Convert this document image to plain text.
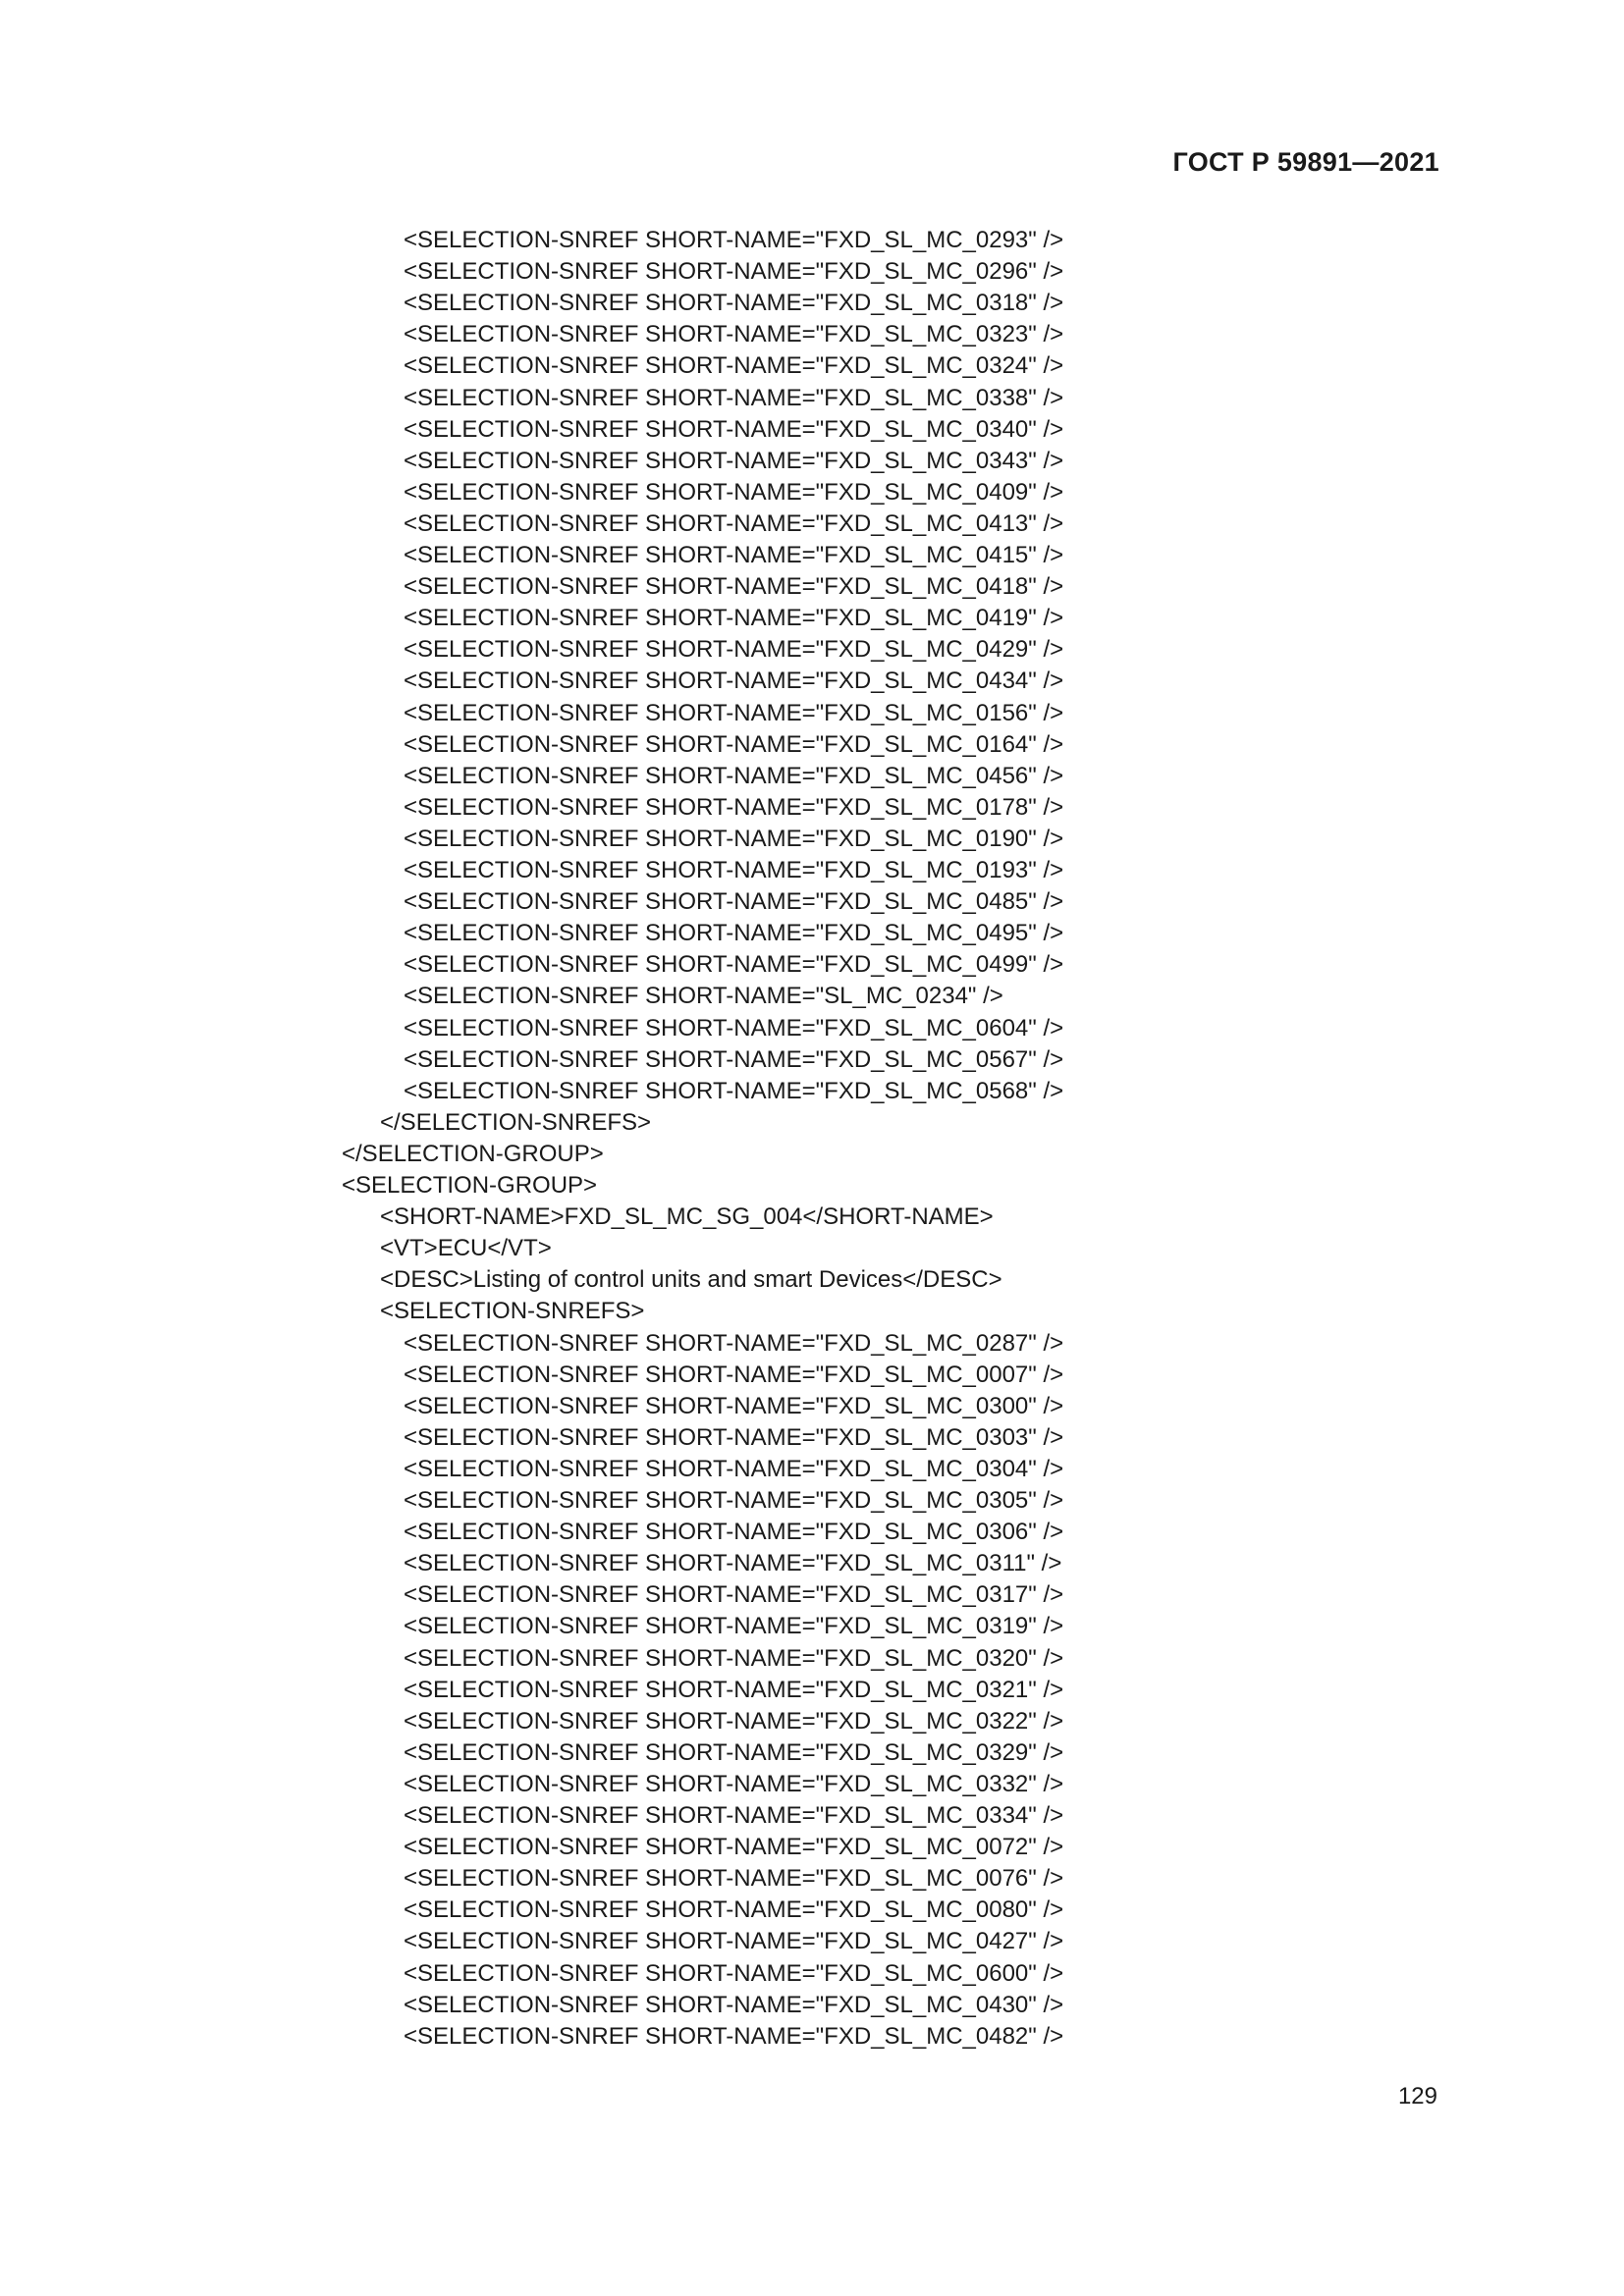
ГОСТ Р 59891—2021
<SELECTION-SNREF SHORT-NAME="FXD_SL_MC_0293" />
<SELECTION-SNREF SHORT-NAME="FXD_SL_MC_0296" />
<SELECTION-SNREF SHORT-NAME="FXD_SL_MC_0318" />
<SELECTION-SNREF SHORT-NAME="FXD_SL_MC_0323" />
<SELECTION-SNREF SHORT-NAME="FXD_SL_MC_0324" />
<SELECTION-SNREF SHORT-NAME="FXD_SL_MC_0338" />
<SELECTION-SNREF SHORT-NAME="FXD_SL_MC_0340" />
<SELECTION-SNREF SHORT-NAME="FXD_SL_MC_0343" />
<SELECTION-SNREF SHORT-NAME="FXD_SL_MC_0409" />
<SELECTION-SNREF SHORT-NAME="FXD_SL_MC_0413" />
<SELECTION-SNREF SHORT-NAME="FXD_SL_MC_0415" />
<SELECTION-SNREF SHORT-NAME="FXD_SL_MC_0418" />
<SELECTION-SNREF SHORT-NAME="FXD_SL_MC_0419" />
<SELECTION-SNREF SHORT-NAME="FXD_SL_MC_0429" />
<SELECTION-SNREF SHORT-NAME="FXD_SL_MC_0434" />
<SELECTION-SNREF SHORT-NAME="FXD_SL_MC_0156" />
<SELECTION-SNREF SHORT-NAME="FXD_SL_MC_0164" />
<SELECTION-SNREF SHORT-NAME="FXD_SL_MC_0456" />
<SELECTION-SNREF SHORT-NAME="FXD_SL_MC_0178" />
<SELECTION-SNREF SHORT-NAME="FXD_SL_MC_0190" />
<SELECTION-SNREF SHORT-NAME="FXD_SL_MC_0193" />
<SELECTION-SNREF SHORT-NAME="FXD_SL_MC_0485" />
<SELECTION-SNREF SHORT-NAME="FXD_SL_MC_0495" />
<SELECTION-SNREF SHORT-NAME="FXD_SL_MC_0499" />
<SELECTION-SNREF SHORT-NAME="SL_MC_0234" />
<SELECTION-SNREF SHORT-NAME="FXD_SL_MC_0604" />
<SELECTION-SNREF SHORT-NAME="FXD_SL_MC_0567" />
<SELECTION-SNREF SHORT-NAME="FXD_SL_MC_0568" />
</SELECTION-SNREFS>
</SELECTION-GROUP>
<SELECTION-GROUP>
<SHORT-NAME>FXD_SL_MC_SG_004</SHORT-NAME>
<VT>ECU</VT>
<DESC>Listing of control units and smart Devices</DESC>
<SELECTION-SNREFS>
<SELECTION-SNREF SHORT-NAME="FXD_SL_MC_0287" />
<SELECTION-SNREF SHORT-NAME="FXD_SL_MC_0007" />
<SELECTION-SNREF SHORT-NAME="FXD_SL_MC_0300" />
<SELECTION-SNREF SHORT-NAME="FXD_SL_MC_0303" />
<SELECTION-SNREF SHORT-NAME="FXD_SL_MC_0304" />
<SELECTION-SNREF SHORT-NAME="FXD_SL_MC_0305" />
<SELECTION-SNREF SHORT-NAME="FXD_SL_MC_0306" />
<SELECTION-SNREF SHORT-NAME="FXD_SL_MC_0311" />
<SELECTION-SNREF SHORT-NAME="FXD_SL_MC_0317" />
<SELECTION-SNREF SHORT-NAME="FXD_SL_MC_0319" />
<SELECTION-SNREF SHORT-NAME="FXD_SL_MC_0320" />
<SELECTION-SNREF SHORT-NAME="FXD_SL_MC_0321" />
<SELECTION-SNREF SHORT-NAME="FXD_SL_MC_0322" />
<SELECTION-SNREF SHORT-NAME="FXD_SL_MC_0329" />
<SELECTION-SNREF SHORT-NAME="FXD_SL_MC_0332" />
<SELECTION-SNREF SHORT-NAME="FXD_SL_MC_0334" />
<SELECTION-SNREF SHORT-NAME="FXD_SL_MC_0072" />
<SELECTION-SNREF SHORT-NAME="FXD_SL_MC_0076" />
<SELECTION-SNREF SHORT-NAME="FXD_SL_MC_0080" />
<SELECTION-SNREF SHORT-NAME="FXD_SL_MC_0427" />
<SELECTION-SNREF SHORT-NAME="FXD_SL_MC_0600" />
<SELECTION-SNREF SHORT-NAME="FXD_SL_MC_0430" />
<SELECTION-SNREF SHORT-NAME="FXD_SL_MC_0482" />
129
